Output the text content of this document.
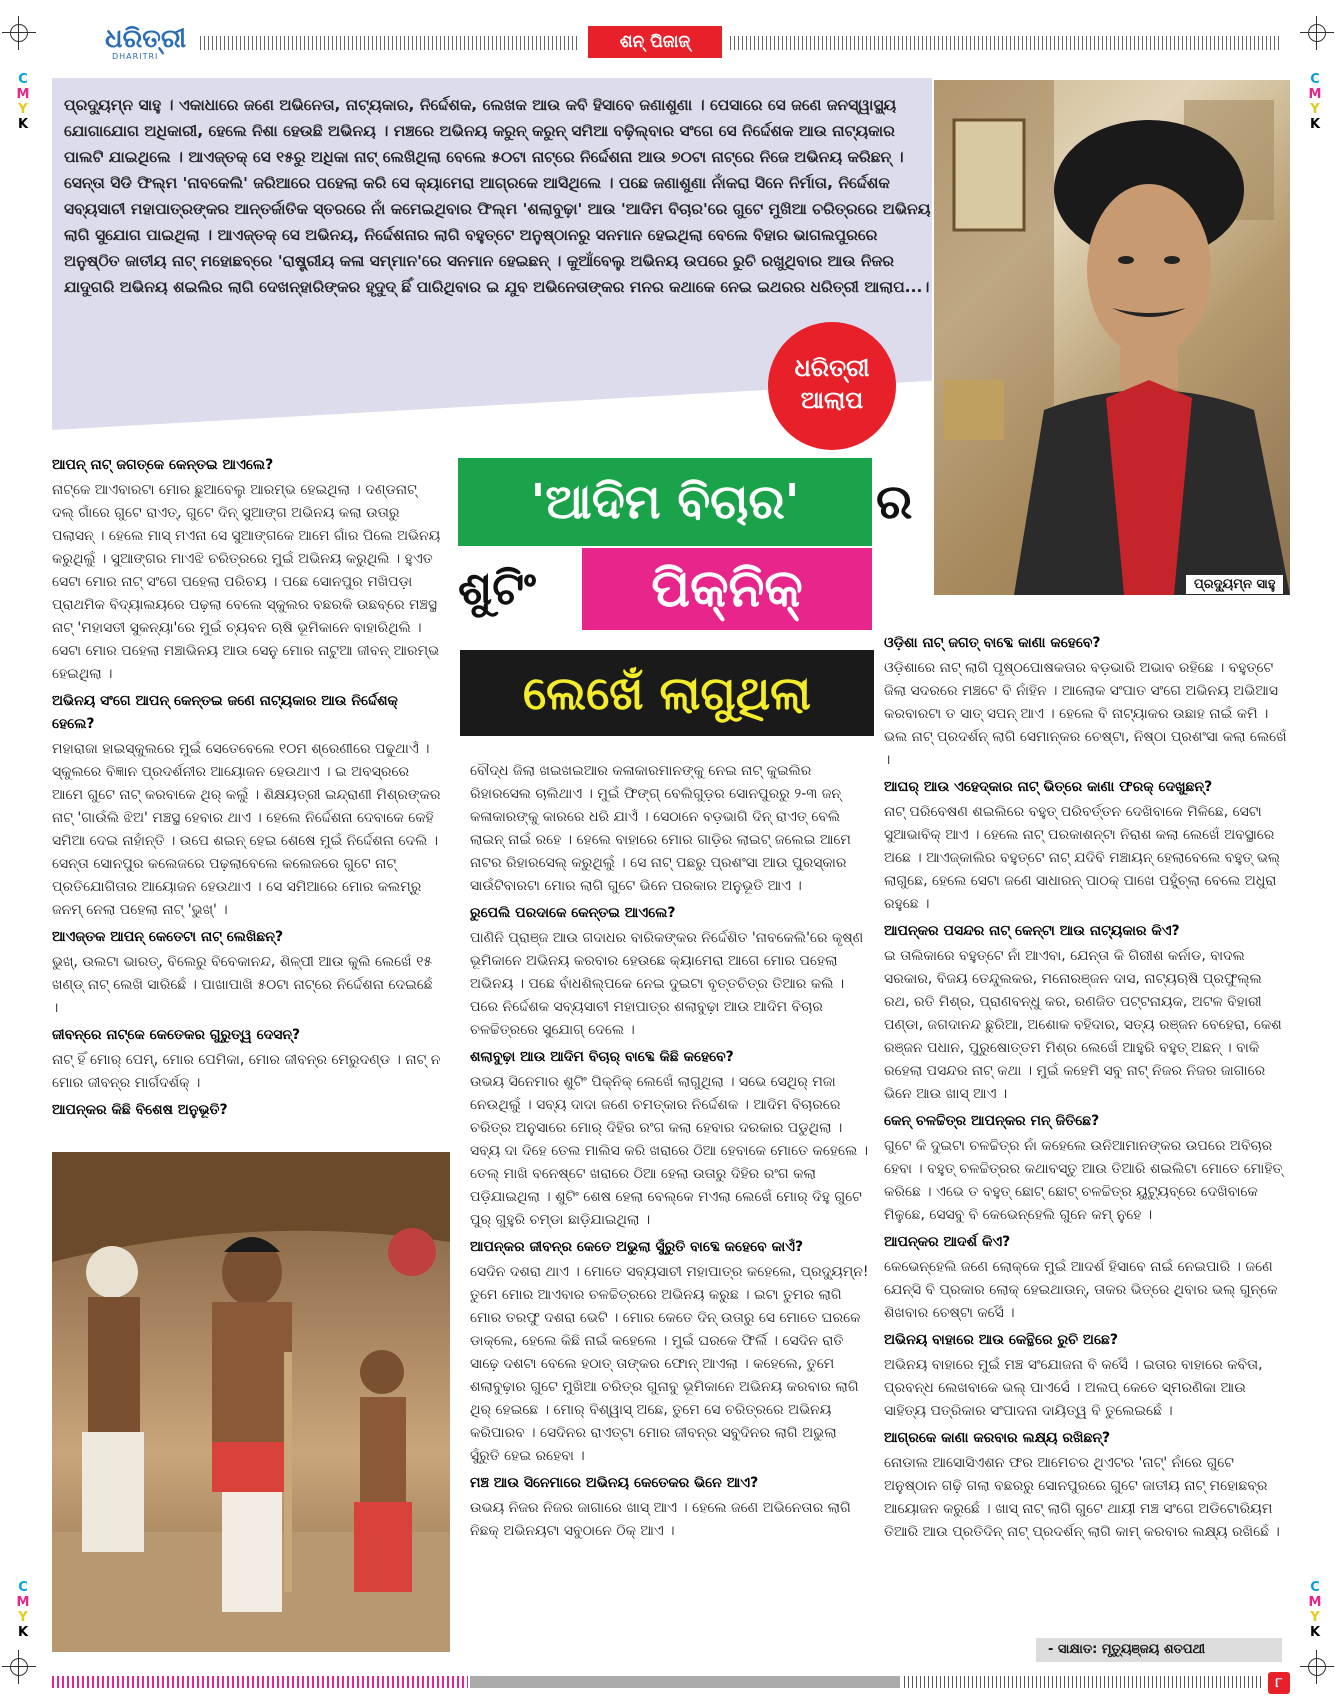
C
M
Y
K
C
M
Y
K
C
M
Y
K
C
M
Y
K
ଧରିତ୍ରୀ
DHARITRI
ଶନ୍ ପିଜାଜ୍
ପ୍ରଦ୍ୟୁମ୍ନ ସାହୁ । ଏକାଧାରେ ଜଣେ ଅଭିନେତା, ନାଟ୍ୟକାର, ନିର୍ଦ୍ଦେଶକ, ଲେଖକ ଆଉ କବି ହିସାବେ ଜଣାଶୁଣା । ପେସାରେ ସେ ଜଣେ ଜନସ୍ୱାସ୍ଥ୍ୟ ଯୋଗାଯୋଗ ଅଧିକାରୀ, ହେଲେ ନିଶା ହେଉଛି ଅଭିନୟ । ମଞ୍ଚରେ ଅଭିନୟ କରୁନ୍ କରୁନ୍ ସମିଆ ବଢ଼ିଲ୍ବାର ସଂଗେ ସେ ନିର୍ଦ୍ଦେଶକ ଆଉ ନାଟ୍ୟକାର ପାଲଟି ଯାଇଥିଲେ । ଆଏଜ୍ତକ୍ ସେ ୧୫ରୁ ଅଧିକା ନାଟ୍ ଲେଖିଥିଲା ବେଲେ ୫୦ଟା ନାଟ୍ରେ ନିର୍ଦ୍ଦେଶନା ଆଉ ୭୦ଟା ନାଟ୍ରେ ନିଜେ ଅଭିନୟ କରିଛନ୍ । ସେନ୍ତା ସିଡି ଫିଲ୍ମ 'ନାବକେଲି' ଜରିଆରେ ପହେଲା କରି ସେ କ୍ୟାମେରା ଆଗ୍ରକେ ଆସିଥିଲେ । ପଛେ ଜଣାଶୁଣା ନାଁକରା ସିନେ ନିର୍ମାତା, ନିର୍ଦ୍ଦେଶକ ସବ୍ୟସାଚୀ ମହାପାତ୍ରଙ୍କର ଆନ୍ତର୍ଜାତିକ ସ୍ତରରେ ନାଁ କମେଇଥିବାର ଫିଲ୍ମ 'ଶଲାବୁଢ଼ା' ଆଉ 'ଆଦିମ ବିଚାର'ରେ ଗୁଟେ ମୁଖିଆ ଚରିତ୍ରରେ ଅଭିନୟ ଲାଗି ସୁଯୋଗ ପାଇଥିଲା । ଆଏଜ୍ତକ୍ ସେ ଅଭିନୟ, ନିର୍ଦ୍ଦେଶନାର ଲାଗି ବହୁତ୍ଟେ ଅନୁଷ୍ଠାନରୁ ସନମାନ ହେଇଥିଲା ବେଲେ ବିହାର ଭାଗଲପୁରରେ ଅନୁଷ୍ଠିତ ଜାତୀୟ ନାଟ୍ ମହୋଛବ୍ରେ 'ରାଷ୍ଟ୍ରୀୟ କଳା ସମ୍ମାନ'ରେ ସନମାନ ହେଇଛନ୍ । କୁଆଁବେଲୁ ଅଭିନୟ ଉପରେ ରୁଚି ରଖୁଥିବାର ଆଉ ନିଜର ଯାଦୁଗରି ଅଭିନୟ ଶଇଲିର ଲାଗି ଦେଖନ୍ହାରିଙ୍କର ହୃଦୁଦ୍ ଛିଁ ପାରିଥିବାର ଇ ଯୁବ ଅଭିନେତାଙ୍କର ମନର କଥାକେ ନେଇ ଇଥରର ଧରିତ୍ରୀ ଆଲାପ...।
ପ୍ରଦ୍ୟୁମ୍ନ ସାହୁ
ଧରିତ୍ରୀ
ଆଲାପ
'ଆଦିମ ବିଚାର'	ର
ଶୁଟିଂ	ପିକ୍ନିକ୍
ଲେଖେଁ ଲାଗୁଥିଲା

ଆପନ୍ ନାଟ୍ ଜଗତ୍କେ କେନ୍ତଇ ଆଏଲେ?

ନାଟ୍କେ ଆଏବାରଟା ମୋର ଛୁଆବେଲୁ ଆରମ୍ଭ ହେଇଥିଲା । ଦଣ୍ଡନାଟ୍ ଦଲ୍ ଗାଁରେ ଗୁଟେ ରାଏତ୍, ଗୁଟେ ଦିନ୍ ସୁଆଙ୍ଗ ଅଭିନୟ କଲା ଉତାରୁ ପଲାସନ୍ । ହେଲେ ମାସ୍ ମଏନା ସେ ସୁଆଙ୍ଗକେ ଆମେ ଗାଁର ପିଲେ ଅଭିନୟ କରୁଥିଲୁଁ । ସୁଆଙ୍ଗର ମାଏଝି ଚରିତ୍ରରେ ମୁଇଁ ଅଭିନୟ କରୁଥିଲି । ହୁଏତ ସେଟା ମୋର ନାଟ୍ ସଂଗେ ପହେଲା ପରିଚୟ । ପଛେ ସୋନପୁର ମଖିପଡ଼ା ପ୍ରାଥମିକ ବିଦ୍ୟାଲୟରେ ପଢ଼ଲା ବେଲେ ସ୍କୁଲର ବଛରକି ଉଛବ୍ରେ ମଞ୍ଚସ୍ଥ ନାଟ୍ 'ମହାସତୀ ସୁକନ୍ୟା'ରେ ମୁଇଁ ଚ୍ୟବନ ଋଷି ଭୂମିକାନେ ବାହାରିଥିଲି । ସେଟା ମୋର ପହେଲା ମଞ୍ଚାଭିନୟ ଆଉ ସେନୁ ମୋର ନାଟୁଆ ଜୀବନ୍ ଆରମ୍ଭ ହେଇଥିଲା ।

ଅଭିନୟ ସଂଗେ ଆପନ୍ କେନ୍ତଇ ଜଣେ ନାଟ୍ୟକାର ଆଉ ନିର୍ଦ୍ଦେଶକ୍ ହେଲେ?

ମହାରାଜା ହାଇସ୍କୁଲରେ ମୁଇଁ ସେତେବେଲେ ୧୦ମ ଶ୍ରେଣୀରେ ପଢୁଥାଏଁ । ସ୍କୁଲରେ ବିଜ୍ଞାନ ପ୍ରଦର୍ଶନୀର ଆୟୋଜନ ହେଉଥାଏ । ଇ ଅବସ୍ରରେ ଆମେ ଗୁଟେ ନାଟ୍ କରବାକେ ଥିର୍ କଲୁଁ । ଶିକ୍ଷୟତ୍ରୀ ଇନ୍ଦ୍ରାଣୀ ମିଶ୍ରଙ୍କର ନାଟ୍ 'ଗାଉଁଲି ଝିଅ' ମଞ୍ଚସ୍ଥ ହେବାର ଥାଏ । ହେଲେ ନିର୍ଦ୍ଦେଶନା ଦେବାକେ କେହି ସମିଆ ଦେଇ ନାହାଁନ୍ତି । ଉପେ ଶଇନ୍ ହେଇ ଶେଷେ ମୁଇଁ ନିର୍ଦ୍ଦେଶନା ଦେଲି । ସେନ୍ତା ସୋନପୁର କଲେଜରେ ପଢ଼ଲାବେଲେ କଲେଜରେ ଗୁଟେ ନାଟ୍ ପ୍ରତିଯୋଗିତାର ଆୟୋଜନ ହେଉଥାଏ । ସେ ସମିଆରେ ମୋର କଲମ୍ରୁ ଜନମ୍ ନେଲା ପହେଲା ନାଟ୍ 'ଭୁଖ୍' ।

ଆଏଜ୍ତକ ଆପନ୍ କେତେଟା ନାଟ୍ ଲେଖିଛନ୍?

ଭୁଖ୍, ଉଲଟା ଭାରତ୍, ବିଲେରୁ ବିବେକାନନ୍ଦ, ଶିଳ୍ପୀ ଆଉ କୁଲି ଲେଖେଁ ୧୫ ଖଣ୍ଡ୍ ନାଟ୍ ଲେଖି ସାରିଛେଁ । ପାଖାପାଖି ୫୦ଟା ନାଟ୍ରେ ନିର୍ଦ୍ଦେଶନା ଦେଇଛେଁ ।

ଜୀବନ୍ରେ ନାଟ୍କେ କେତେକର ଗୁରୁତ୍ୱ ଦେସନ୍?

ନାଟ୍ ହିଁ ମୋର୍ ପେମ୍, ମୋର ପେମିକା, ମୋର ଜୀବନ୍ର ମେରୁଦଣ୍ଡ । ନାଟ୍ ନ ମୋର ଜୀବନ୍ର ମାର୍ଗଦର୍ଶକ୍ ।

ଆପନ୍କର କିଛି ବିଶେଷ ଅନୁଭୂତି?

ବୌଦ୍ଧ ଜିଲା ଖଇଖଇଆର କଳାକାରମାନଙ୍କୁ ନେଇ ନାଟ୍ କୁଇଲିର ରିହାରସେଲ ଚାଲିଥାଏ । ମୁଇଁ ଫିଙ୍ଗ୍ ବେଲିଗୁଡ଼ର ସୋନପୁରରୁ ୨-୩ ଜନ୍ କଳାକାରଙ୍କୁ କାରରେ ଧରି ଯାଏଁ । ସେଠାନେ ବଡ଼ଭାଗି ଦିନ୍ ରାଏତ୍ ବେଲି ଲାଇନ୍ ନାଇଁ ରହେ । ହେଲେ ବାହାରେ ମୋର ଗାଡ଼ିର ଲାଇଟ୍ ଜଲେଇ ଆମେ ନାଟର ରିହାରସେଲ୍ କରୁଥିଲୁଁ । ସେ ନାଟ୍ ପଛରୁ ପ୍ରଶଂସା ଆଉ ପୁରସ୍କାର ସାଉଁଟିବାରଟା ମୋର ଲାଗି ଗୁଟେ ଭିନେ ପରକାର ଅନୁଭୂତି ଆଏ ।

ରୁପେଲି ପରଦାକେ କେନ୍ତଇ ଆଏଲେ?

ପାଣିନି ପ୍ରାଞ୍ଜ ଆଉ ଗଦାଧର ବାରିକଙ୍କର ନିର୍ଦ୍ଦେଶିତ 'ନାବକେଲି'ରେ କୃଷ୍ଣ ଭୂମିକାନେ ଅଭିନୟ କରବାର ହେଉଛେ କ୍ୟାମେରା ଆଗେ ମୋର ପହେଲା ଅଭିନୟ । ପଛେ ବାଁଧଶିଲ୍ପକେ ନେଇ ଦୁଇଟା ବୃତ୍ତଚିତ୍ର ତିଆର କଲି । ପରେ ନିର୍ଦ୍ଦେଶକ ସବ୍ୟସାଚୀ ମହାପାତ୍ର ଶଲାବୁଢ଼ା ଆଉ ଆଦିମ ବିଚାର ଚଳଚ୍ଚିତ୍ରରେ ସୁଯୋଗ୍ ଦେଲେ ।

ଶଲାବୁଢ଼ା ଆଉ ଆଦିମ ବିଚାର୍ ବାବ୍ଦେ କିଛି କହେବେ?

ଉଭୟ ସିନେମାର ଶୁଟିଂ ପିକ୍ନିକ୍ ଲେଖେଁ ଲାଗୁଥିଲା । ସଭେ ସେଥିର୍ ମଜା ନେଉଥିଲୁଁ । ସବ୍ୟ ଦାଦା ଜଣେ ଚମତ୍କାର ନିର୍ଦ୍ଦେଶକ । ଆଦିମ ବିଚାରରେ ଚରିତ୍ର ଅନୁସାରେ ମୋର୍ ଦିହିର ରଂଗ କଲା ହେବାର ଦରକାର ପଡୁଥିଲା । ସବ୍ୟ ଦା ଦିହେ ତେଲ ମାଲିସ କରି ଖରାରେ ଠିଆ ହେବାକେ ମୋତେ କହେଲେ । ତେଲ୍ ମାଖି ବନେଷ୍ଟେ ଖରାରେ ଠିଆ ହେଲା ଉତାରୁ ଦିହିର ରଂଗ କଲା ପଡ଼ିଯାଇଥିଲା । ଶୁଟିଂ ଶେଷ ହେଲା ବେଲ୍କେ ମଏଲା ଲେଖେଁ ମୋର୍ ଦିହୁ ଗୁଟେ ପୁର୍ ଗୁହୁରି ଚମ୍ଡା ଛାଡ଼ିଯାଇଥିଲା ।

ଆପନ୍କର ଜୀବନ୍ର କେତେ ଅଭୁଲା ସୁଁରୁତି ବାବ୍ଦେ କହେବେ କାଏଁ?

ସେଦିନ ଦଶରା ଥାଏ । ମୋତେ ସବ୍ୟସାଚୀ ମହାପାତ୍ର କହେଲେ, ପ୍ରଦ୍ୟୁମ୍ନ! ତୁମେ ମୋର ଆଏବାର ଚଳଚ୍ଚିତ୍ରରେ ଅଭିନୟ କରୁଛ । ଇଟା ତୁମର ଲାଗି ମୋର ତରଫୁ ଦଶରା ଭେଟି । ମୋର କେତେ ଦିନ୍ ଉତାରୁ ସେ ମୋତେ ଘରକେ ଡାକ୍ଲେ, ହେଲେ କିଛି ନାଇଁ କହେଲେ । ମୁଇଁ ଘରକେ ଫିର୍ଲି । ସେଦିନ ରାତି ସାଢ଼େ ଦଶଟା ବେଲେ ହଠାତ୍ ତାଙ୍କର ଫୋନ୍ ଆଏଲା । କହେଲେ, ତୁମେ ଶଲାବୁଢ଼ାର ଗୁଟେ ମୁଖିଆ ଚରିତ୍ର ଗୁନାବୁ ଭୂମିକାନେ ଅଭିନୟ କରବାର ଲାଗି ଥିର୍ ହେଇଛେ । ମୋର୍ ବିଶ୍ୱାସ୍ ଅଛେ, ତୁମେ ସେ ଚରିତ୍ରରେ ଅଭିନୟ କରିପାରବ । ସେଦିନର ରାଏତ୍ଟା ମୋର ଜୀବନ୍ର ସବୁଦିନର ଲାଗି ଅଭୁଲା ସୁଁରୁତି ହେଇ ରହେବା ।

ମଞ୍ଚ ଆଉ ସିନେମାରେ ଅଭିନୟ କେତେକର ଭିନେ ଆଏ?

ଉଭୟ ନିଜର ନିଜର ଜାଗାରେ ଖାସ୍ ଆଏ । ହେଲେ ଜଣେ ଅଭିନେତାର ଲାଗି ନିଛକ୍ ଅଭିନୟଟା ସବୁଠାନେ ଠିକ୍ ଆଏ ।

ଓଡ଼ିଶା ନାଟ୍ ଜଗତ୍ ବାବ୍ଦେ କାଣା କହେବେ?

ଓଡ଼ିଶାରେ ନାଟ୍ ଲାଗି ପୃଷ୍ଠପୋଷକତାର ବଡ଼ଭାରି ଅଭାବ ରହିଛେ । ବହୁତ୍ଟେ ଜିଲା ସଦରରେ ମଞ୍ଚଟେ ବି ନାଁହିନ । ଆଲୋକ ସଂପାତ ସଂଗେ ଅଭିନୟ ଅଭିଆସ କରବାରଟା ତ ସାତ୍ ସପନ୍ ଆଏ । ହେଲେ ବି ନାଟ୍ୟାକର ଉଛାହ ନାଇଁ କମି । ଭଲ ନାଟ୍ ପ୍ରଦର୍ଶନ୍ ଲାଗି ସେମାନ୍କର ଚେଷ୍ଟା, ନିଷ୍ଠା ପ୍ରଶଂସା କଲା ଲେଖେଁ ।

ଆଘର୍ ଆଉ ଏହେଦ୍କାର ନାଟ୍ ଭିତ୍ରେ କାଣା ଫରକ୍ ଦେଖୁଛନ୍?

ନାଟ୍ ପରିବେଷଣ ଶଇଲିରେ ବହୁତ୍ ପରିବର୍ତ୍ତନ ଦେଖିବାକେ ମିଳିଛେ, ସେଟା ସୁଆଭାବିକ୍ ଆଏ । ହେଲେ ନାଟ୍ ପରକାଶନ୍ଟା ନିରାଶ କଲା ଲେଖେଁ ଅବସ୍ଥାରେ ଅଛେ । ଆଏଜ୍କାଲିର ବହୁତ୍ଟେ ନାଟ୍ ଯଦିବି ମଞ୍ଚାୟନ୍ ହେଲାବେଲେ ବହୁତ୍ ଭଲ୍ ଲାଗୁଛେ, ହେଲେ ସେଟା ଜଣେ ସାଧାରନ୍ ପାଠକ୍ ପାଖେ ପହୁଁଚ୍ଲା ବେଲେ ଅଧୁରା ରହୁଛେ ।

ଆପନ୍କର ପସନ୍ଦର ନାଟ୍ କେନ୍ଟା ଆଉ ନାଟ୍ୟକାର କିଏ?

ଇ ତାଲିକାରେ ବହୁତ୍ଟେ ନାଁ ଆଏବା, ଯେନ୍ତା କି ଗିରୀଶ କର୍ନାଡ, ବାଦଲ ସରକାର, ବିଜୟ ତେନ୍ଦୁଲକର, ମନୋରଞ୍ଜନ ଦାସ, ନାଟ୍ୟଋଷି ପ୍ରଫୁଲ୍ଲ ରଥ, ରତି ମିଶ୍ର, ପ୍ରାଣବନ୍ଧୁ କର, ରଣଜିତ ପଟ୍ଟନାୟକ, ଅଟଳ ବିହାରୀ ପଣ୍ଡା, ଜଗଦାନନ୍ଦ ଛୁରିଆ, ଅଶୋକ ବହିଦାର, ସତ୍ୟ ରଞ୍ଜନ ବେହେରା, କେଶ ରଞ୍ଜନ ପଧାନ, ପୁରୁଷୋତ୍ତମ ମିଶ୍ର ଲେଖେଁ ଆହୁରି ବହୁତ୍ ଅଛନ୍ । ବାକି ରହେଲା ପସନ୍ଦର ନାଟ୍ କଥା । ମୁଇଁ କହେମି ସବୁ ନାଟ୍ ନିଜର ନିଜର ଜାଗାରେ ଭିନେ ଆଉ ଖାସ୍ ଆଏ ।

କେନ୍ ଚଳଚ୍ଚିତ୍ର ଆପନ୍କର ମନ୍ ଜିତିଛେ?

ଗୁଟେ କି ଦୁଇଟା ଚଳଚ୍ଚିତ୍ର ନାଁ କହେଲେ ଉନିଆମାନଙ୍କର ଉପରେ ଅବିଚାର ହେବା । ବହୁତ୍ ଚଳଚ୍ଚିତ୍ରର କଥାବସ୍ତୁ ଆଉ ତିଆରି ଶଇଲିଟା ମୋତେ ମୋହିତ୍ କରିଛେ । ଏଭେ ତ ବହୁତ୍ ଛୋଟ୍ ଛୋଟ୍ ଚଳଚ୍ଚିତ୍ର ୟୁଟ୍ୟୁବ୍ରେ ଦେଖିବାକେ ମିଳୁଛେ, ସେସବୁ ବି କେଭେନ୍ହେଲି ଗୁନେ କମ୍ ନୁହେ ।

ଆପନ୍କର ଆଦର୍ଶ କିଏ?

କେଭେନ୍ହେଲି ଜଣେ ଲୋକ୍କେ ମୁଇଁ ଆଦର୍ଶ ହିସାବେ ନାଇଁ ନେଇପାରି । ଜଣେ ଯେନ୍ସି ବି ପ୍ରକାର ଲୋକ୍ ହେଇଥାଉନ୍, ତାକର ଭିତ୍ରେ ଥିବାର ଭଲ୍ ଗୁନ୍କେ ଶିଖବାର ଚେଷ୍ଟା କର୍ସେଁ ।

ଅଭିନୟ ବାହାରେ ଆଉ କେନ୍ଥିରେ ରୁଚି ଅଛେ?

ଅଭିନୟ ବାହାରେ ମୁଇଁ ମଞ୍ଚ ସଂଯୋଜନା ବି କର୍ସେଁ । ଇତାର ବାହାରେ କବିତା, ପ୍ରବନ୍ଧ ଲେଖବାକେ ଭଲ୍ ପାଏସେଁ । ଅଲପ୍ କେତେ ସ୍ମରଣିକା ଆଉ ସାହିତ୍ୟ ପତ୍ରିକାର ସଂପାଦନା ଦାୟିତ୍ୱ ବି ତୁଲେଇଛେଁ ।

ଆଗ୍ରକେ କାଣା କରବାର ଲକ୍ଷ୍ୟ ରଖିଛନ୍?

ନୋଡାଲ ଆସୋସିଏଶନ ଫର ଆମେଚର ଥିଏଟର 'ନାଟ୍' ନାଁରେ ଗୁଟେ ଅନୁଷ୍ଠାନ ଗଢ଼ି ଗଲା ବଛରରୁ ସୋନପୁରରେ ଗୁଟେ ଜାତୀୟ ନାଟ୍ ମହୋଛବ୍ର ଆୟୋଜନ କରୁଛେଁ । ଖାସ୍ ନାଟ୍ ଲାଗି ଗୁଟେ ଥାୟୀ ମଞ୍ଚ ସଂଗେ ଅଡିଟୋରିୟମ ତିଆରି ଆଉ ପ୍ରତିଦିନ୍ ନାଟ୍ ପ୍ରଦର୍ଶନ୍ ଲାଗି କାମ୍ କରବାର ଲକ୍ଷ୍ୟ ରଖିଛେଁ ।

- ସାକ୍ଷାତ: ମୃତ୍ୟୁଞ୍ଜୟ ଶତପଥୀ
୮
